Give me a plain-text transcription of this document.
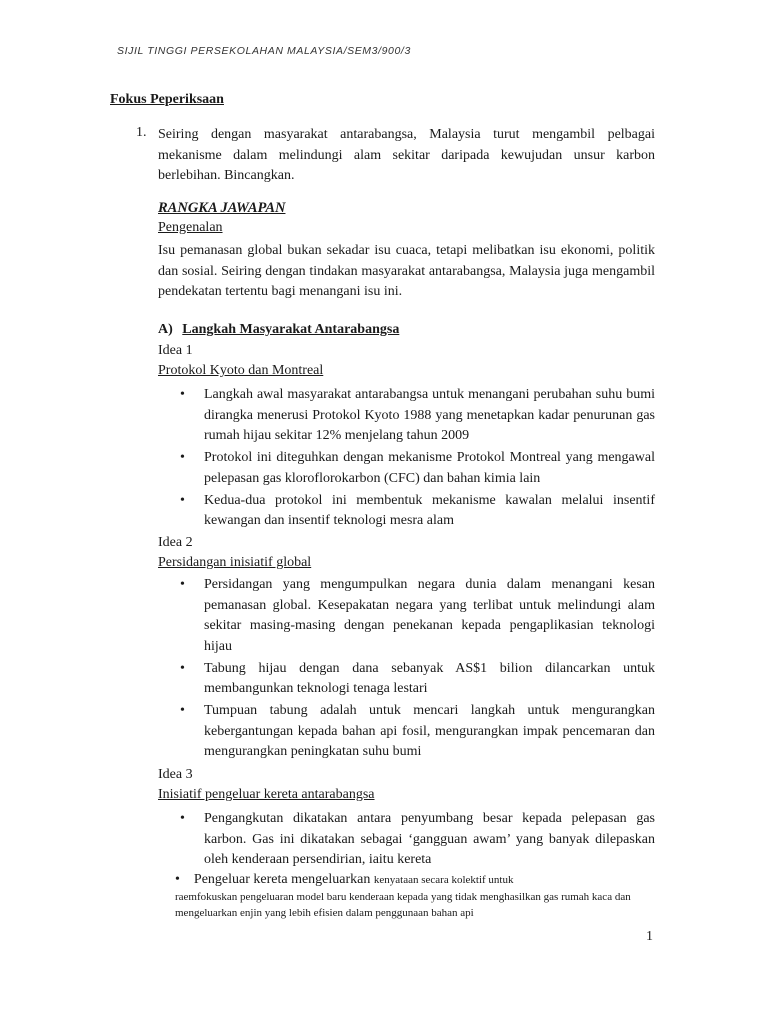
SIJIL TINGGI PERSEKOLAHAN MALAYSIA/SEM3/900/3
Fokus Peperiksaan
1. Seiring dengan masyarakat antarabangsa, Malaysia turut mengambil pelbagai mekanisme dalam melindungi alam sekitar daripada kewujudan unsur karbon berlebihan. Bincangkan.

RANGKA JAWAPAN
Pengenalan

Isu pemanasan global bukan sekadar isu cuaca, tetapi melibatkan isu ekonomi, politik dan sosial. Seiring dengan tindakan masyarakat antarabangsa, Malaysia juga mengambil pendekatan tertentu bagi menangani isu ini.

A) Langkah Masyarakat Antarabangsa
Idea 1
Protokol Kyoto dan Montreal
• Langkah awal masyarakat antarabangsa untuk menangani perubahan suhu bumi dirangka menerusi Protokol Kyoto 1988 yang menetapkan kadar penurunan gas rumah hijau sekitar 12% menjelang tahun 2009
• Protokol ini diteguhkan dengan mekanisme Protokol Montreal yang mengawal pelepasan gas kloroflorokarbon (CFC) dan bahan kimia lain
• Kedua-dua protokol ini membentuk mekanisme kawalan melalui insentif kewangan dan insentif teknologi mesra alam
Idea 2
Persidangan inisiatif global
• Persidangan yang mengumpulkan negara dunia dalam menangani kesan pemanasan global. Kesepakatan negara yang terlibat untuk melindungi alam sekitar masing-masing dengan penekanan kepada pengaplikasian teknologi hijau
• Tabung hijau dengan dana sebanyak AS$1 bilion dilancarkan untuk membangunkan teknologi tenaga lestari
• Tumpuan tabung adalah untuk mencari langkah untuk mengurangkan kebergantungan kepada bahan api fosil, mengurangkan impak pencemaran dan mengurangkan peningkatan suhu bumi
Idea 3
Inisiatif pengeluar kereta antarabangsa
• Pengangkutan dikatakan antara penyumbang besar kepada pelepasan gas karbon. Gas ini dikatakan sebagai ‘gangguan awam’ yang banyak dilepaskan oleh kenderaan persendirian, iaitu kereta

• Pengeluar kereta mengeluarkan kenyataan secara kolektif untuk
raemfokuskan pengeluaran model baru kenderaan kepada yang tidak menghasilkan gas rumah kaca dan mengeluarkan enjin yang lebih efisien dalam penggunaan bahan api

1
